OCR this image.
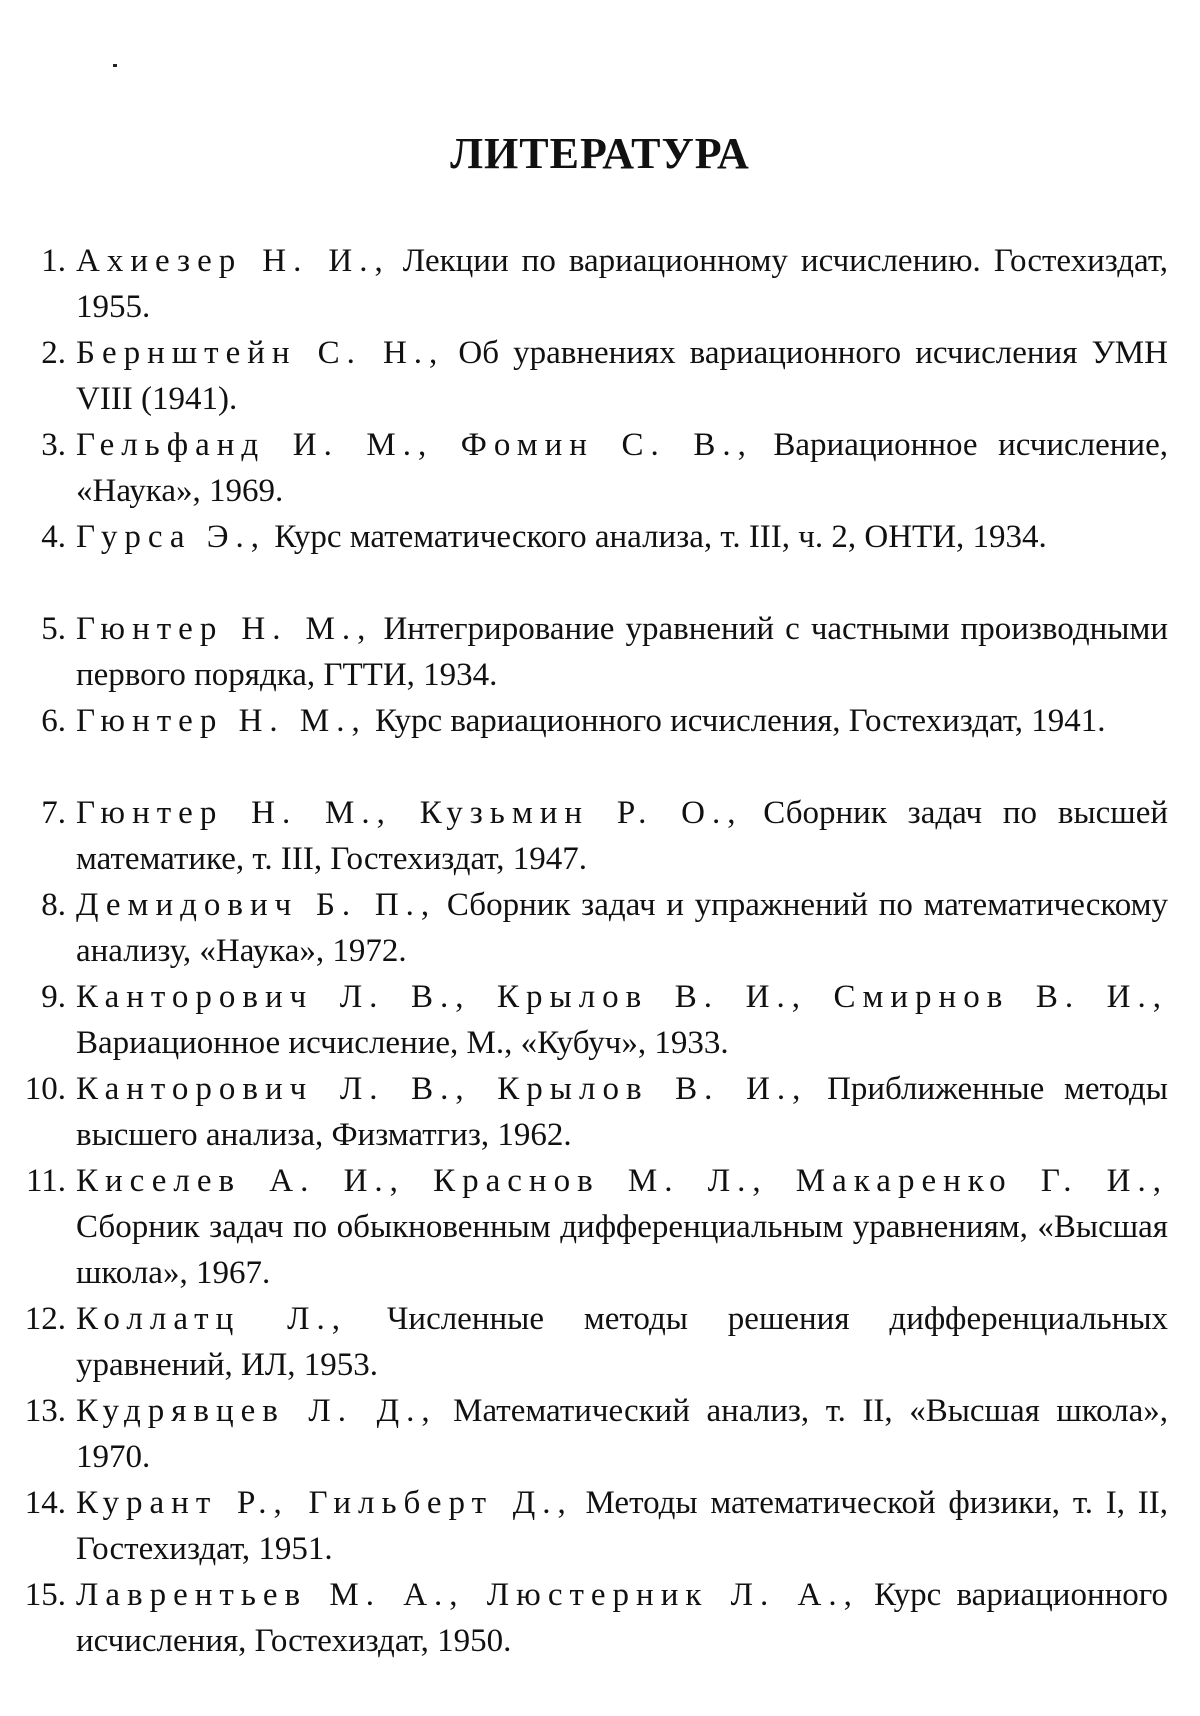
ЛИТЕРАТУРА
1. Ахиезер Н. И., Лекции по вариационному исчислению. Гостехиздат, 1955.
2. Бернштейн С. Н., Об уравнениях вариационного исчисления УМН VIII (1941).
3. Гельфанд И. М., Фомин С. В., Вариационное исчисление, «Наука», 1969.
4. Гурса Э., Курс математического анализа, т. III, ч. 2, ОНТИ, 1934.
5. Гюнтер Н. М., Интегрирование уравнений с частными производными первого порядка, ГТТИ, 1934.
6. Гюнтер Н. М., Курс вариационного исчисления, Гостехиздат, 1941.
7. Гюнтер Н. М., Кузьмин Р. О., Сборник задач по высшей математике, т. III, Гостехиздат, 1947.
8. Демидович Б. П., Сборник задач и упражнений по математическому анализу, «Наука», 1972.
9. Канторович Л. В., Крылов В. И., Смирнов В. И., Вариационное исчисление, М., «Кубуч», 1933.
10. Канторович Л. В., Крылов В. И., Приближенные методы высшего анализа, Физматгиз, 1962.
11. Киселев А. И., Краснов М. Л., Макаренко Г. И., Сборник задач по обыкновенным дифференциальным уравнениям, «Высшая школа», 1967.
12. Коллатц Л., Численные методы решения дифференциальных уравнений, ИЛ, 1953.
13. Кудрявцев Л. Д., Математический анализ, т. II, «Высшая школа», 1970.
14. Курант Р., Гильберт Д., Методы математической физики, т. I, II, Гостехиздат, 1951.
15. Лаврентьев М. А., Люстерник Л. А., Курс вариационного исчисления, Гостехиздат, 1950.
